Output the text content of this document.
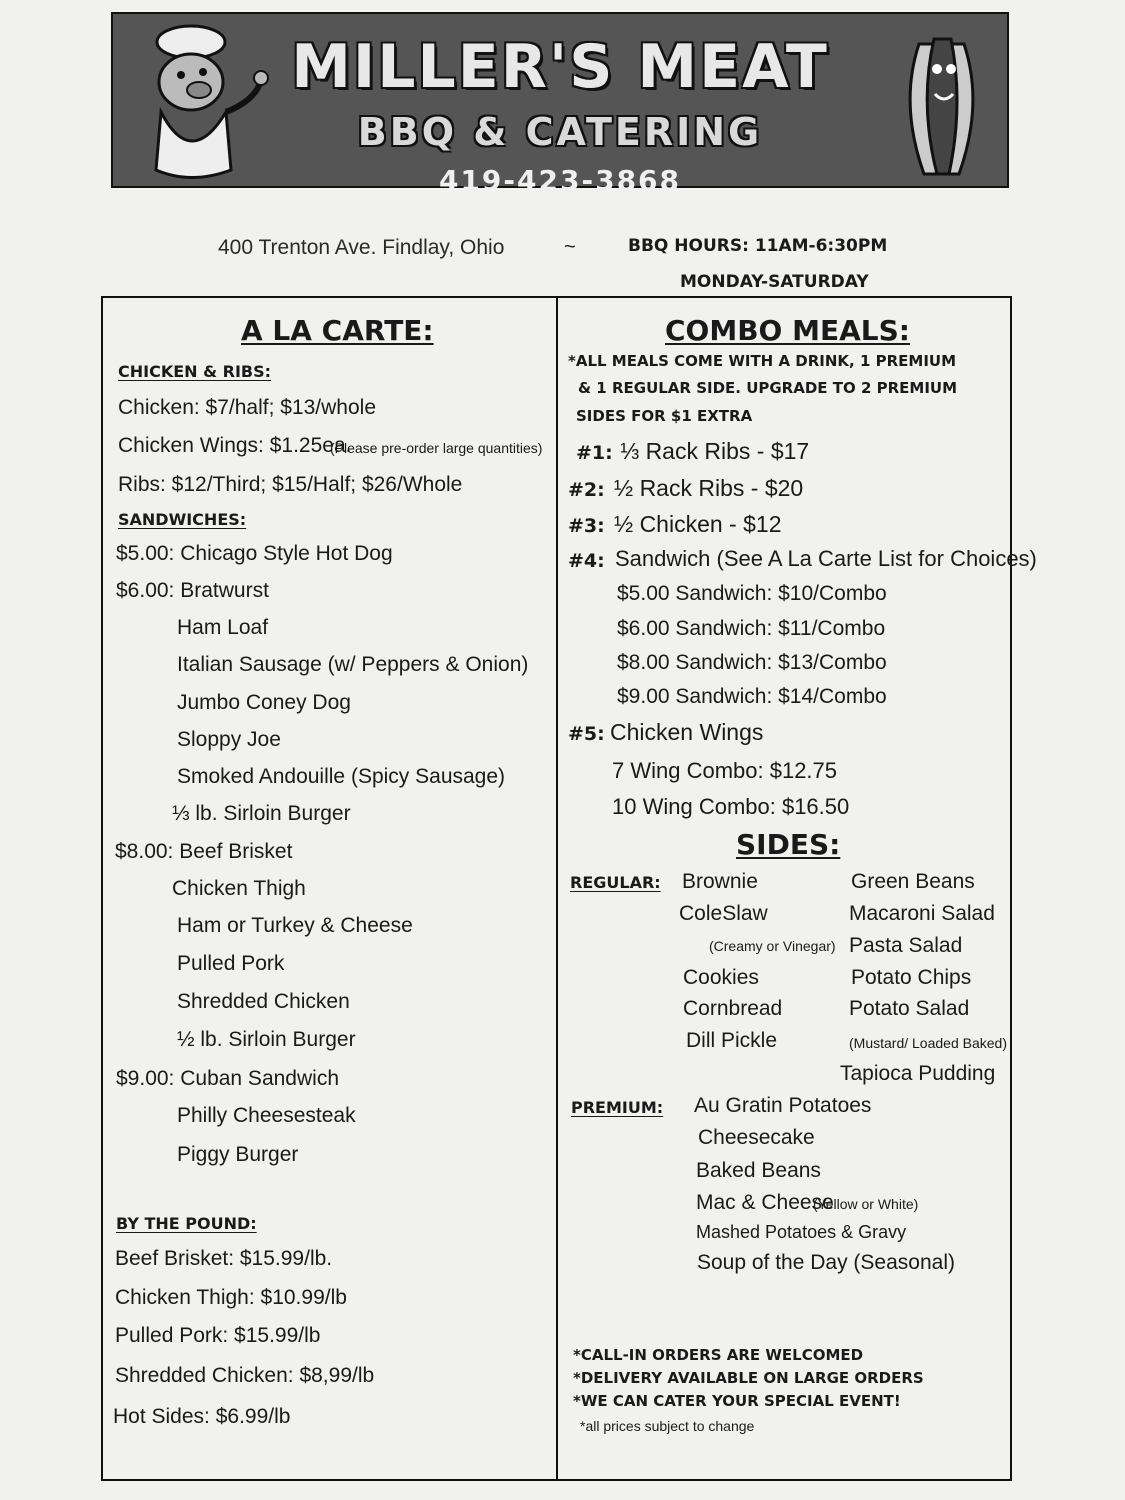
MILLER'S MEAT
BBQ & CATERING
419-423-3868
400 Trenton Ave. Findlay, Ohio	~	BBQ HOURS: 11AM-6:30PM
MONDAY-SATURDAY
A LA CARTE:
CHICKEN & RIBS:
Chicken: $7/half; $13/whole
Chicken Wings: $1.25ea.
(Please pre-order large quantities)
Ribs: $12/Third; $15/Half; $26/Whole
SANDWICHES:
$5.00: Chicago Style Hot Dog
$6.00: Bratwurst
Ham Loaf
Italian Sausage (w/ Peppers & Onion)
Jumbo Coney Dog
Sloppy Joe
Smoked Andouille (Spicy Sausage)
⅓ lb. Sirloin Burger
$8.00: Beef Brisket
Chicken Thigh
Ham or Turkey & Cheese
Pulled Pork
Shredded Chicken
½ lb. Sirloin Burger
$9.00: Cuban Sandwich
Philly Cheesesteak
Piggy Burger
BY THE POUND:
Beef Brisket: $15.99/lb.
Chicken Thigh: $10.99/lb
Pulled Pork: $15.99/lb
Shredded Chicken: $8,99/lb
Hot Sides: $6.99/lb
COMBO MEALS:
*ALL MEALS COME WITH A DRINK, 1 PREMIUM
& 1 REGULAR SIDE. UPGRADE TO 2 PREMIUM
SIDES FOR $1 EXTRA
#1: ⅓ Rack Ribs - $17
#2: ½ Rack Ribs - $20
#3: ½ Chicken - $12
#4: Sandwich (See A La Carte List for Choices)
$5.00 Sandwich: $10/Combo
$6.00 Sandwich: $11/Combo
$8.00 Sandwich: $13/Combo
$9.00 Sandwich: $14/Combo
#5: Chicken Wings
7 Wing Combo: $12.75
10 Wing Combo: $16.50
SIDES:
REGULAR: Brownie
ColeSlaw
(Creamy or Vinegar)
Cookies
Cornbread
Dill Pickle
Green Beans
Macaroni Salad
Pasta Salad
Potato Chips
Potato Salad
(Mustard/ Loaded Baked)
Tapioca Pudding
PREMIUM: Au Gratin Potatoes
Cheesecake
Baked Beans
Mac & Cheese
(Yellow or White)
Mashed Potatoes & Gravy
Soup of the Day (Seasonal)
*CALL-IN ORDERS ARE WELCOMED
*DELIVERY AVAILABLE ON LARGE ORDERS
*WE CAN CATER YOUR SPECIAL EVENT!
*all prices subject to change
